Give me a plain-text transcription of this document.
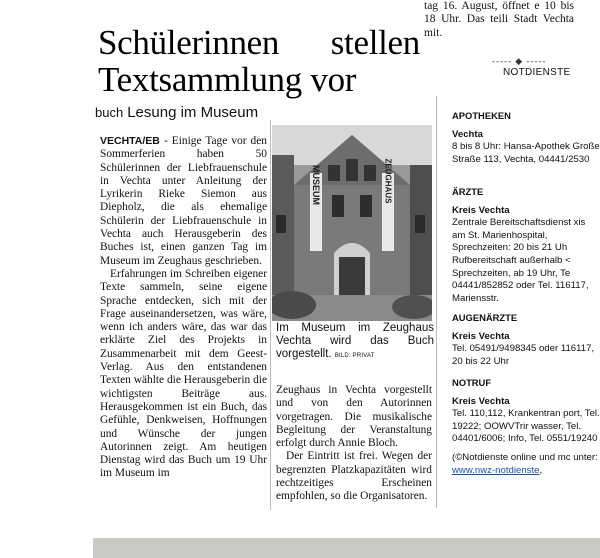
Schülerinnen stellen
Textsammlung vor
buch Lesung im Museum

VECHTA/EB - Einige Tage vor den Sommerferien haben 50 Schülerinnen der Liebfrauenschule in Vechta unter Anleitung der Lyrikerin Rieke Siemon aus Diepholz, die als ehemalige Schülerin der Liebfrauenschule in Vechta auch Herausgeberin des Buches ist, einen ganzen Tag im Museum im Zeughaus geschrieben.

Erfahrungen im Schreiben eigener Texte sammeln, seine eigene Sprache entdecken, sich mit der Frage auseinandersetzen, was wäre, wenn ich anders wäre, das war das erklärte Ziel des Projekts in Zusammenarbeit mit dem Geest-Verlag. Aus den entstandenen Texten wählte die Herausgeberin die wichtigsten Beiträge aus. Herausgekommen ist ein Buch, das Gefühle, Denkweisen, Hoffnungen und Wünsche der jungen Autorinnen zeigt. Am heutigen Dienstag wird das Buch um 19 Uhr im Museum im

MUSEUM	ZEUGHAUS
Im Museum im Zeughaus Vechta wird das Buch vorgestellt. BILD: PRIVAT

Zeughaus in Vechta vorgestellt und von den Autorinnen vorgetragen. Die musikalische Begleitung der Veranstaltung erfolgt durch Annie Bloch.

Der Eintritt ist frei. Wegen der begrenzten Platzkapazitäten wird rechtzeitiges Erscheinen empfohlen, so die Organisatoren.

tag 16. August, öffnet e 10 bis 18 Uhr. Das teili Stadt Vechta mit.
----- ◆ -----
NOTDIENSTE

APOTHEKEN

Vechta

8 bis 8 Uhr: Hansa-Apothek Große Straße 113, Vechta, 04441/2530

ÄRZTE

Kreis Vechta

Zentrale Bereitschaftsdienst xis am St. Marienhospital, Sprechzeiten: 20 bis 21 Uh Rufbereitschaft außerhalb < Sprechzeiten, ab 19 Uhr, Te 04441/852852 oder Tel. 116117, Mariensstr.

AUGENÄRZTE

Kreis Vechta

Tel. 05491/9498345 oder 116117, 20 bis 22 Uhr

NOTRUF

Kreis Vechta

Tel. 110,112, Krankentran port, Tel. 19222; OOWVTrir wasser, Tel. 04401/6006; Info, Tel. 0551/19240

(©Notdienste online und mc unter: www.nwz-notdienste,
